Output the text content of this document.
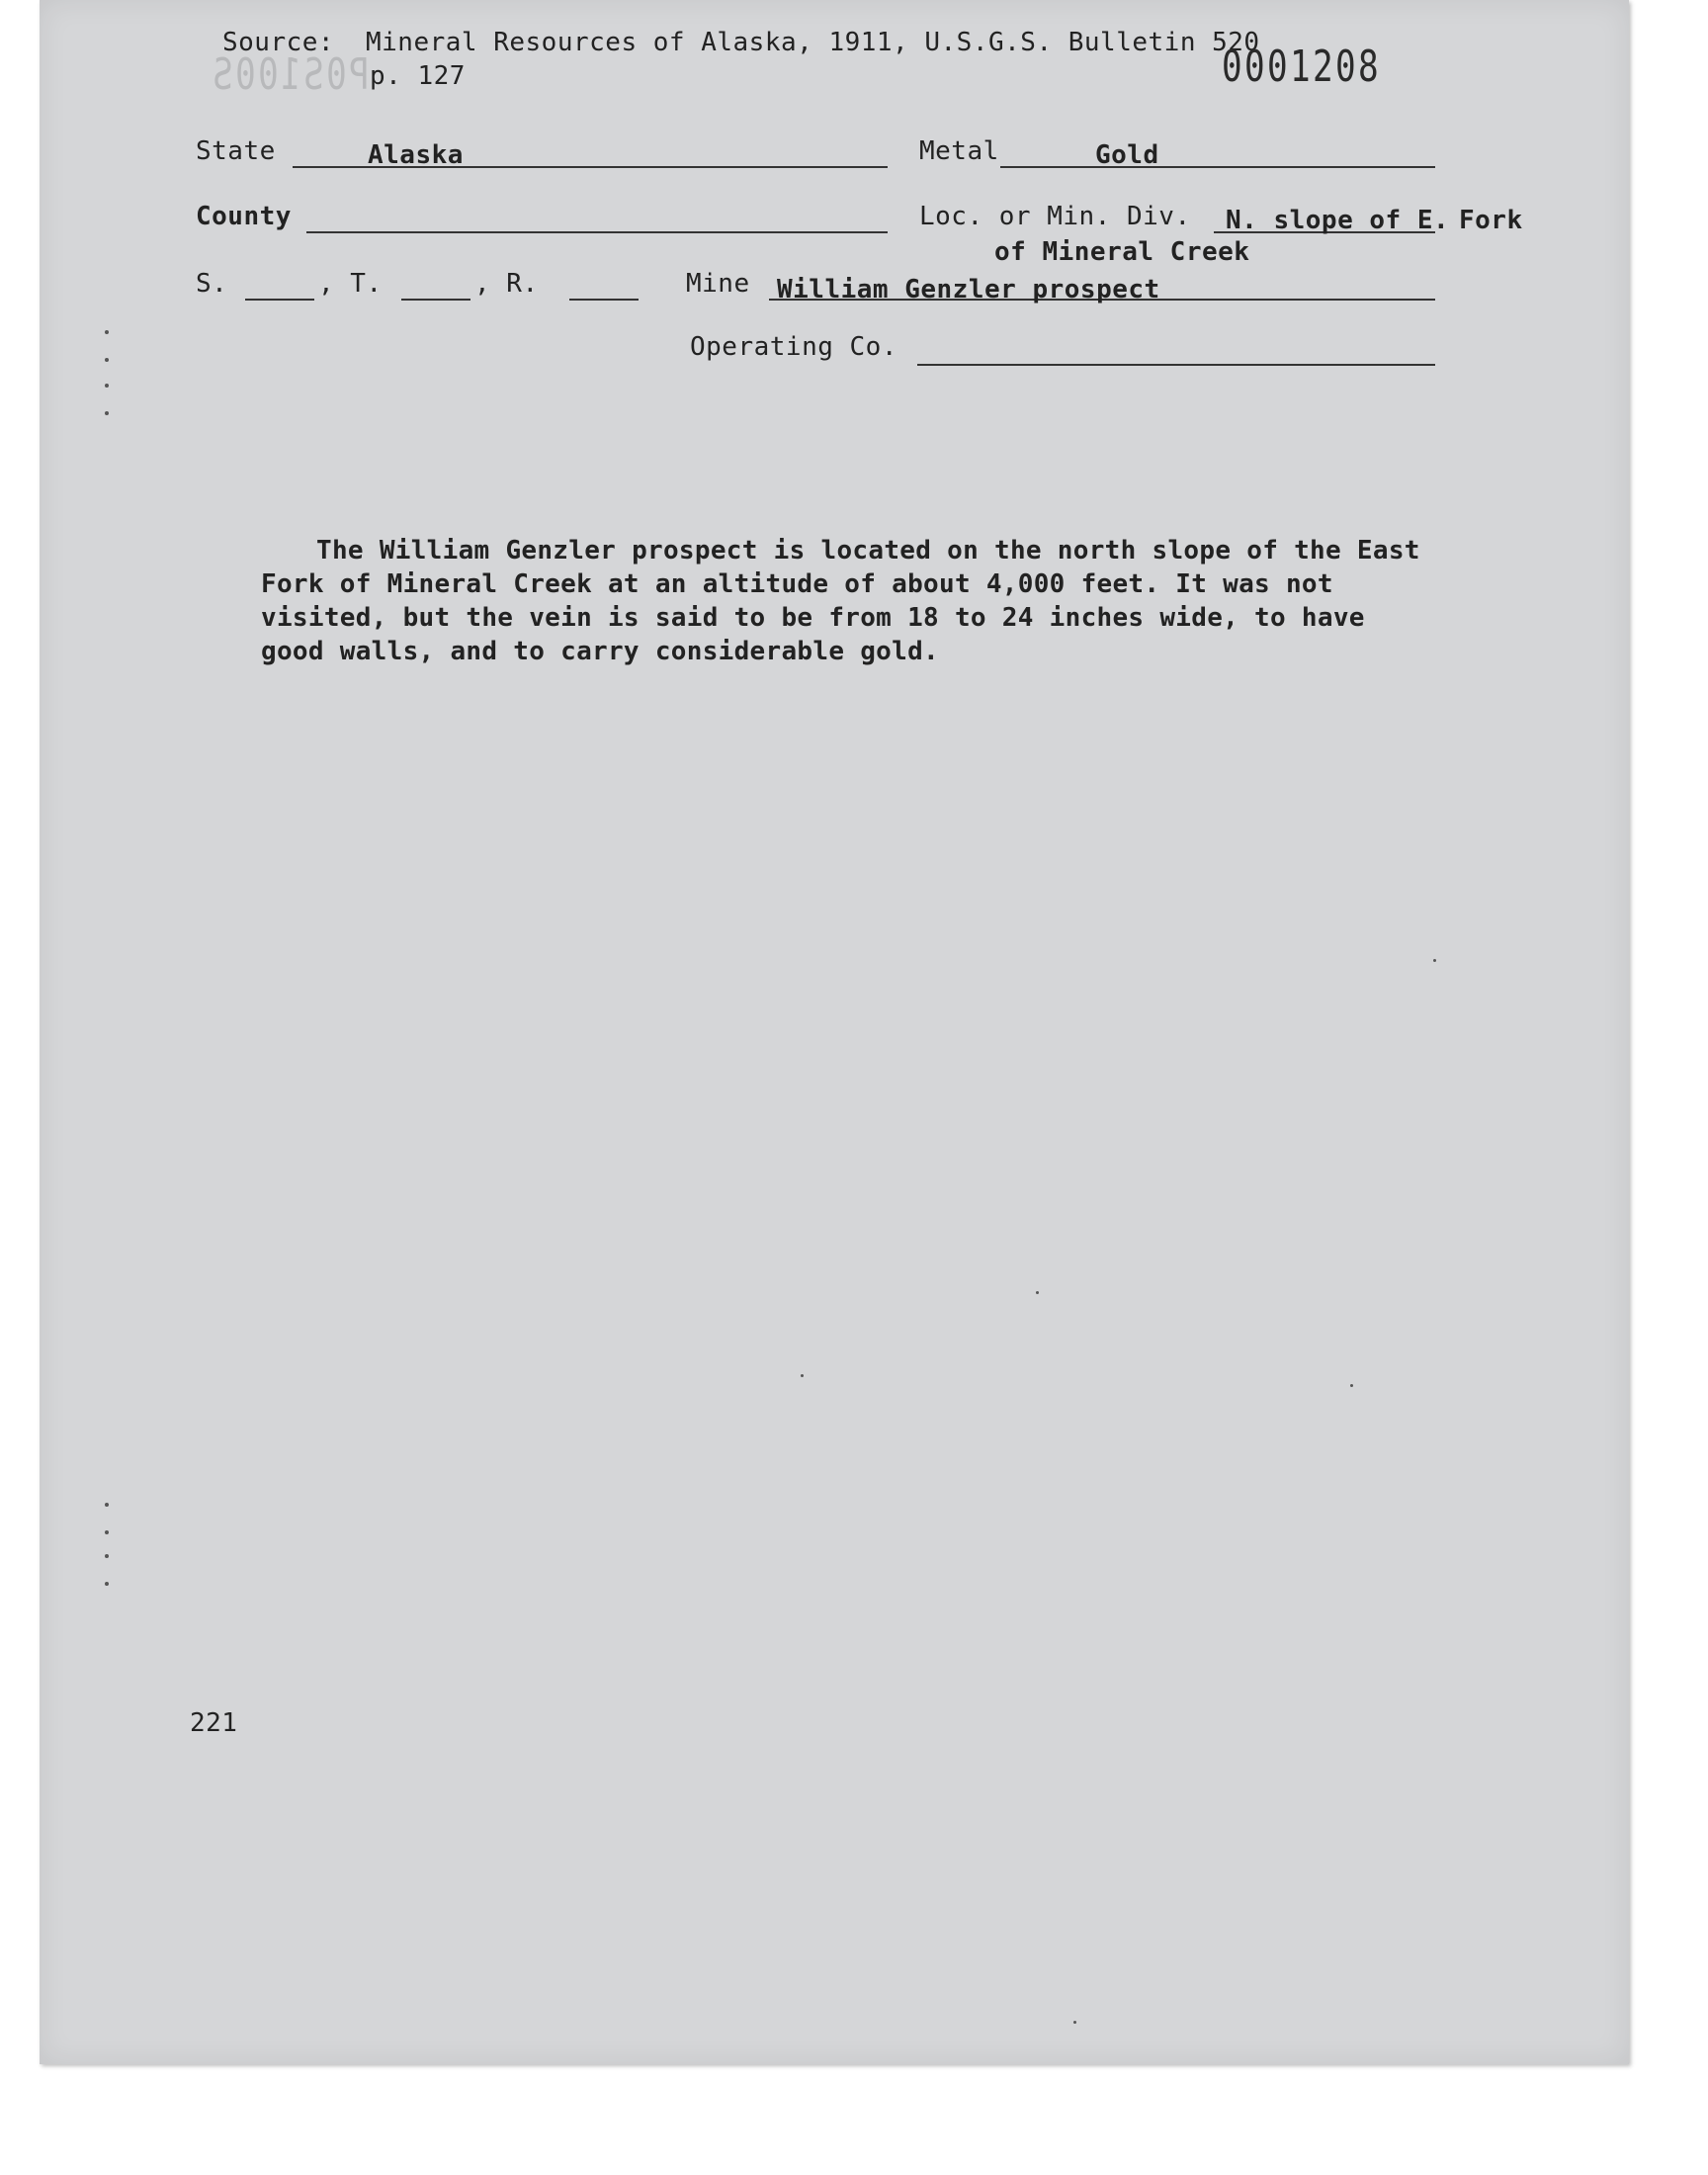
Source: Mineral Resources of Alaska, 1911, U.S.G.S. Bulletin 520
p. 127
P0S100S	0001208
State	Alaska	Metal	Gold
County	Loc. or Min. Div. N. slope of E. Fork
of Mineral Creek
S.	, T.	, R.	Mine William Genzler prospect
Operating Co.
The William Genzler prospect is located on the north slope of the East Fork of Mineral Creek at an altitude of about 4,000 feet. It was not visited, but the vein is said to be from 18 to 24 inches wide, to have good walls, and to carry considerable gold.
221
